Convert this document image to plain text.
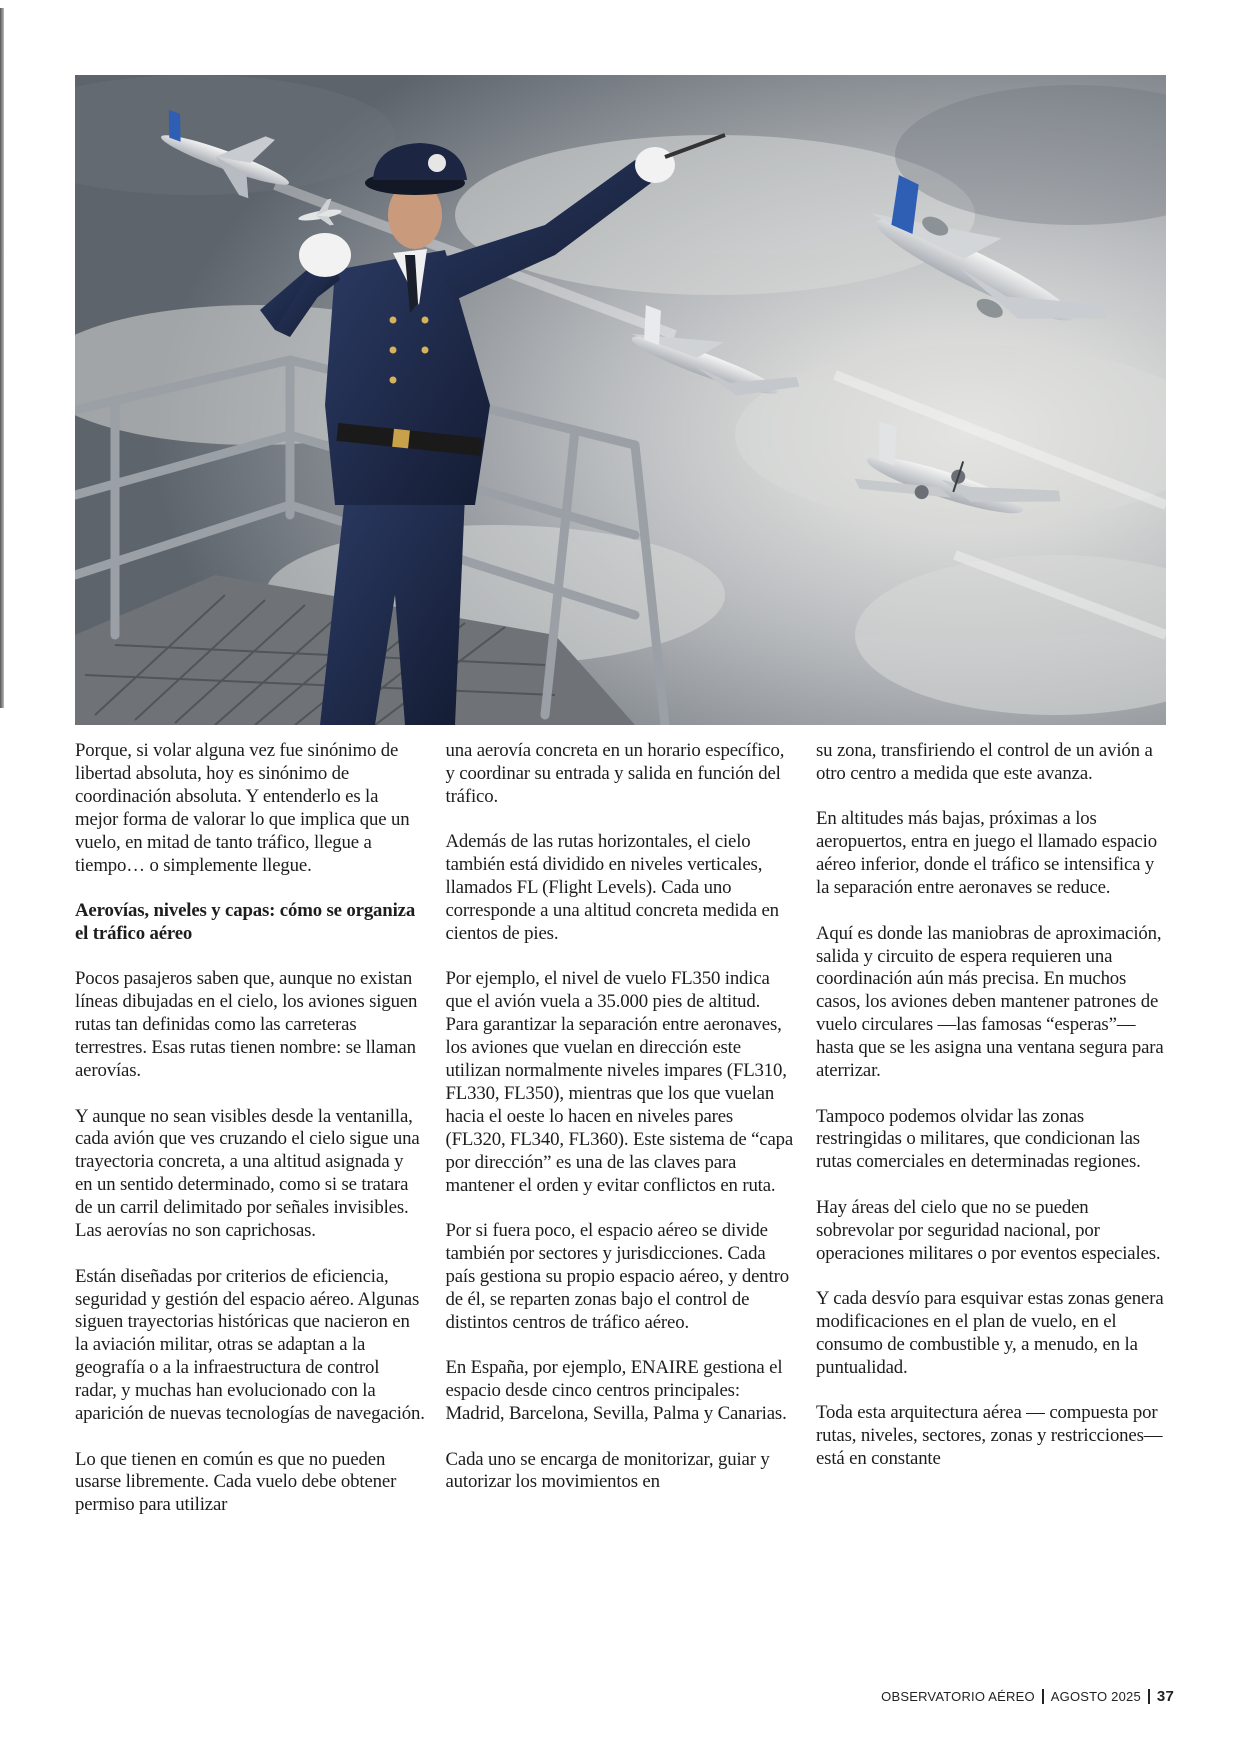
Porque, si volar alguna vez fue sinónimo de libertad absoluta, hoy es sinónimo de coordinación absoluta. Y entenderlo es la mejor forma de valorar lo que implica que un vuelo, en mitad de tanto tráfico, llegue a tiempo… o simplemente llegue.

Aerovías, niveles y capas: cómo se organiza el tráfico aéreo

Pocos pasajeros saben que, aunque no existan líneas dibujadas en el cielo, los aviones siguen rutas tan definidas como las carreteras terrestres. Esas rutas tienen nombre: se llaman aerovías.

Y aunque no sean visibles desde la ventanilla, cada avión que ves cruzando el cielo sigue una trayectoria concreta, a una altitud asignada y en un sentido determinado, como si se tratara de un carril delimitado por señales invisibles. Las aerovías no son caprichosas.

Están diseñadas por criterios de eficiencia, seguridad y gestión del espacio aéreo. Algunas siguen trayectorias históricas que nacieron en la aviación militar, otras se adaptan a la geografía o a la infraestructura de control radar, y muchas han evolucionado con la aparición de nuevas tecnologías de navegación.

Lo que tienen en común es que no pueden usarse libremente. Cada vuelo debe obtener permiso para utilizar

una aerovía concreta en un horario específico, y coordinar su entrada y salida en función del tráfico.

Además de las rutas horizontales, el cielo también está dividido en niveles verticales, llamados FL (Flight Levels). Cada uno corresponde a una altitud concreta medida en cientos de pies.

Por ejemplo, el nivel de vuelo FL350 indica que el avión vuela a 35.000 pies de altitud. Para garantizar la separación entre aeronaves, los aviones que vuelan en dirección este utilizan normalmente niveles impares (FL310, FL330, FL350), mientras que los que vuelan hacia el oeste lo hacen en niveles pares (FL320, FL340, FL360). Este sistema de “capa por dirección” es una de las claves para mantener el orden y evitar conflictos en ruta.

Por si fuera poco, el espacio aéreo se divide también por sectores y jurisdicciones. Cada país gestiona su propio espacio aéreo, y dentro de él, se reparten zonas bajo el control de distintos centros de tráfico aéreo.

En España, por ejemplo, ENAIRE gestiona el espacio desde cinco centros principales: Madrid, Barcelona, Sevilla, Palma y Canarias.

Cada uno se encarga de monitorizar, guiar y autorizar los movimientos en

su zona, transfiriendo el control de un avión a otro centro a medida que este avanza.

En altitudes más bajas, próximas a los aeropuertos, entra en juego el llamado espacio aéreo inferior, donde el tráfico se intensifica y la separación entre aeronaves se reduce.

Aquí es donde las maniobras de aproximación, salida y circuito de espera requieren una coordinación aún más precisa. En muchos casos, los aviones deben mantener patrones de vuelo circulares —las famosas “esperas”— hasta que se les asigna una ventana segura para aterrizar.

Tampoco podemos olvidar las zonas restringidas o militares, que condicionan las rutas comerciales en determinadas regiones.

Hay áreas del cielo que no se pueden sobrevolar por seguridad nacional, por operaciones militares o por eventos especiales.

Y cada desvío para esquivar estas zonas genera modificaciones en el plan de vuelo, en el consumo de combustible y, a menudo, en la puntualidad.

Toda esta arquitectura aérea — compuesta por rutas, niveles, sectores, zonas y restricciones— está en constante

OBSERVATORIO AÉREO AGOSTO 2025 37
